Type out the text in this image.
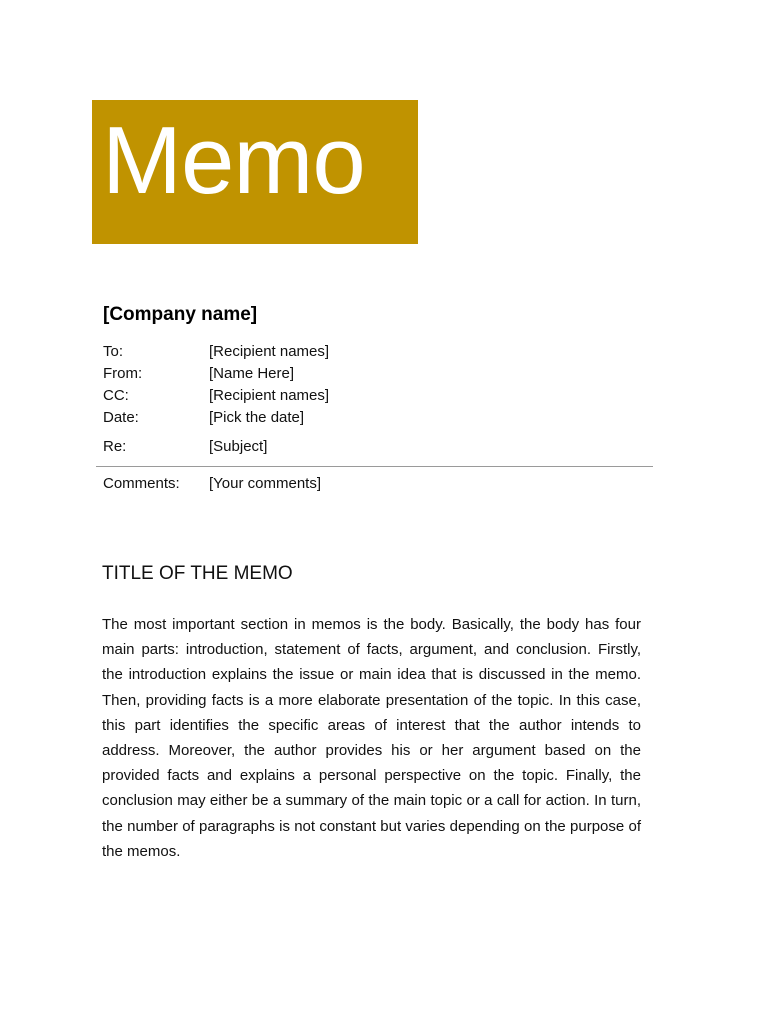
Memo
[Company name]
To:	[Recipient names]
From:	[Name Here]
CC:	[Recipient names]
Date:	[Pick the date]
Re:	[Subject]
Comments: [Your comments]
TITLE OF THE MEMO
The most important section in memos is the body. Basically, the body has four main parts: introduction, statement of facts, argument, and conclusion. Firstly, the introduction explains the issue or main idea that is discussed in the memo. Then, providing facts is a more elaborate presentation of the topic. In this case, this part identifies the specific areas of interest that the author intends to address. Moreover, the author provides his or her argument based on the provided facts and explains a personal perspective on the topic. Finally, the conclusion may either be a summary of the main topic or a call for action. In turn, the number of paragraphs is not constant but varies depending on the purpose of the memos.
